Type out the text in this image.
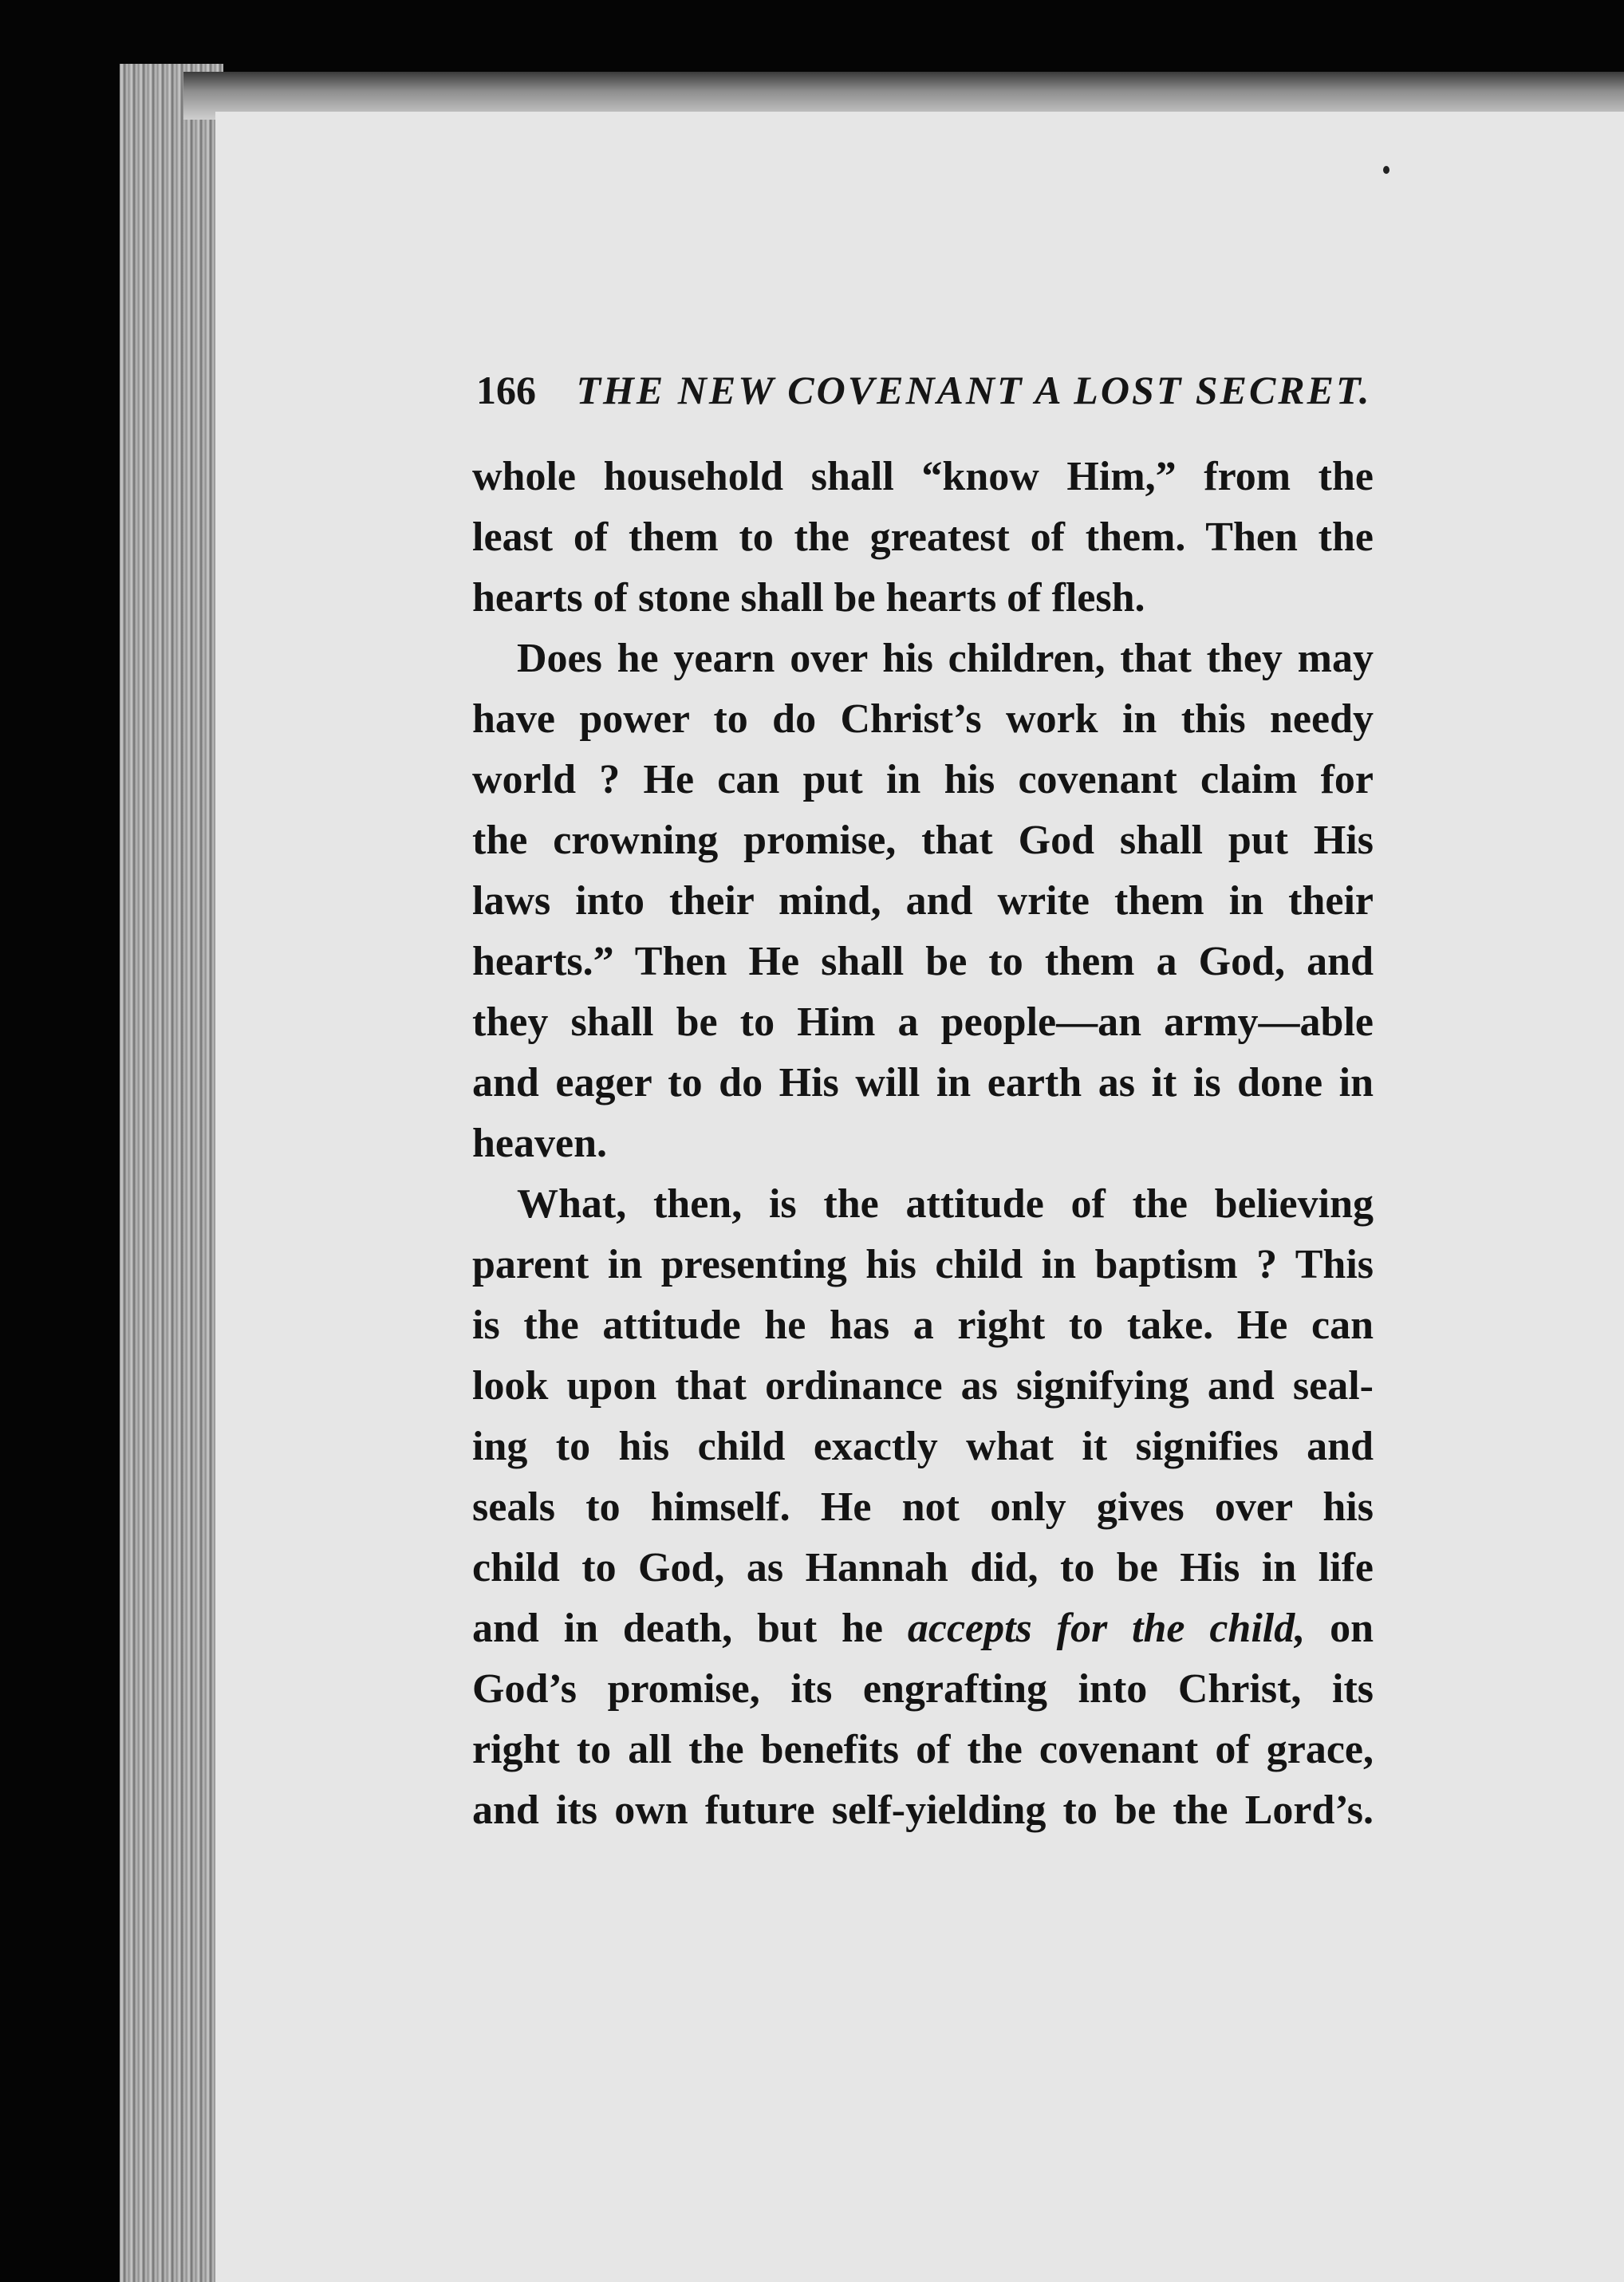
166 THE NEW COVENANT A LOST SECRET.
whole household shall “know Him,” from the
least of them to the greatest of them. Then the
hearts of stone shall be hearts of flesh.
Does he yearn over his children, that they may
have power to do Christ’s work in this needy
world ? He can put in his covenant claim for
the crowning promise, that God shall put His
laws into their mind, and write them in their
hearts.” Then He shall be to them a God, and
they shall be to Him a people—an army—able
and eager to do His will in earth as it is done in
heaven.
What, then, is the attitude of the believing
parent in presenting his child in baptism ? This
is the attitude he has a right to take. He can
look upon that ordinance as signifying and seal-
ing to his child exactly what it signifies and
seals to himself. He not only gives over his
child to God, as Hannah did, to be His in life
and in death, but he accepts for the child, on
God’s promise, its engrafting into Christ, its
right to all the benefits of the covenant of grace,
and its own future self-yielding to be the Lord’s.
